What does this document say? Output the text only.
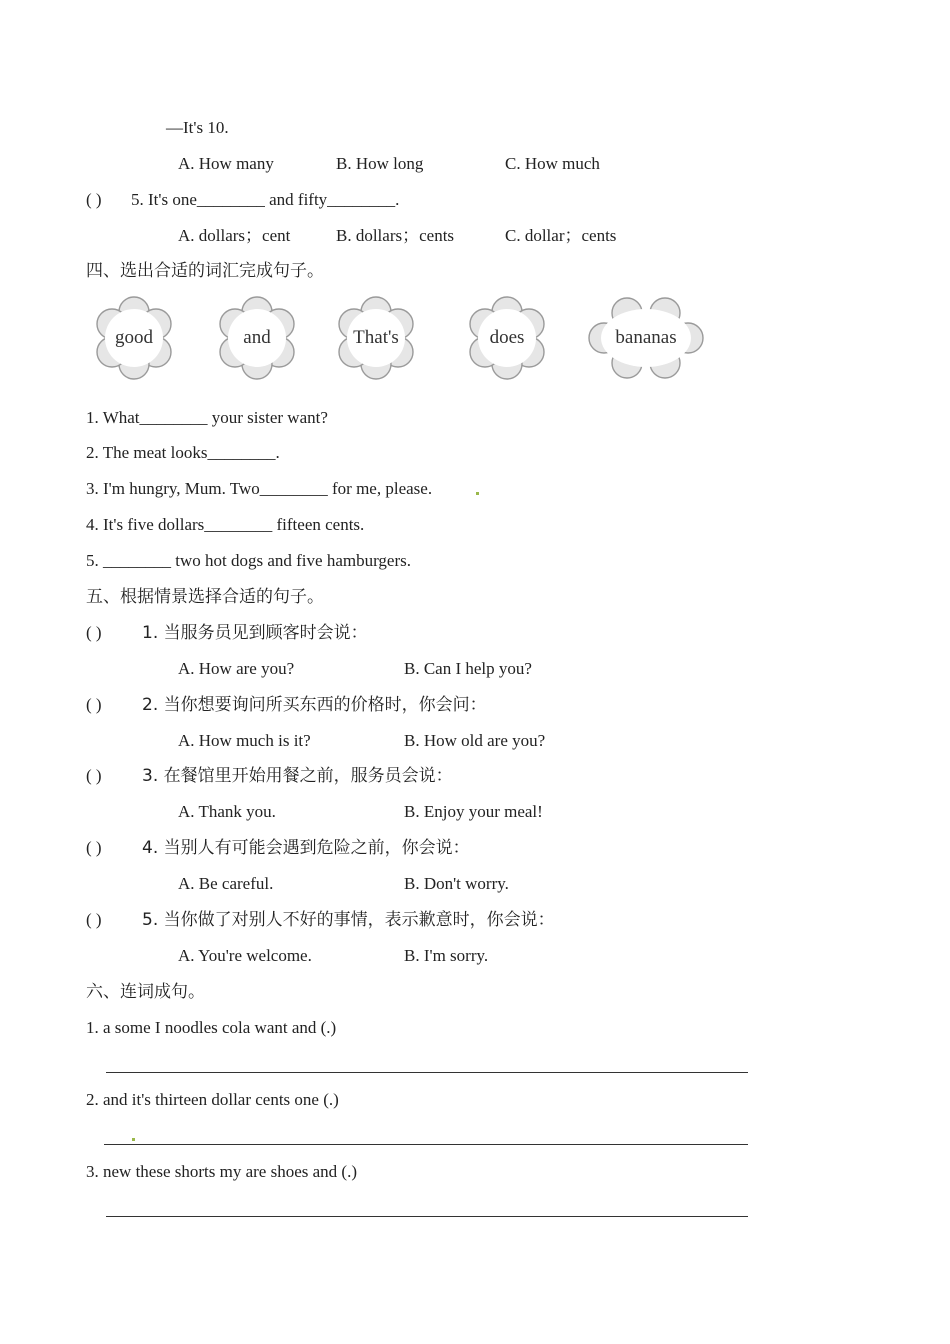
—It's 10.
A. How many	B. How long	C. How much
( ) 5. It's one________ and fifty________.
A. dollars；cent	B. dollars；cents	C. dollar；cents
四、选出合适的词汇完成句子。
good	and	That's	does	bananas
1. What________ your sister want?
2. The meat looks________.
3. I'm hungry, Mum. Two________ for me, please.
4. It's five dollars________ fifteen cents.
5. ________ two hot dogs and five hamburgers.
五、根据情景选择合适的句子。
( ) 1. 当服务员见到顾客时会说：
A. How are you?	B. Can I help you?
( ) 2. 当你想要询问所买东西的价格时，你会问：
A. How much is it?	B. How old are you?
( ) 3. 在餐馆里开始用餐之前，服务员会说：
A. Thank you.	B. Enjoy your meal!
( ) 4. 当别人有可能会遇到危险之前，你会说：
A. Be careful.	B. Don't worry.
( ) 5. 当你做了对别人不好的事情，表示歉意时，你会说：
A. You're welcome.	B. I'm sorry.
六、连词成句。
1. a some I noodles cola want and (.)
2. and it's thirteen dollar cents one (.)
3. new these shorts my are shoes and (.)
